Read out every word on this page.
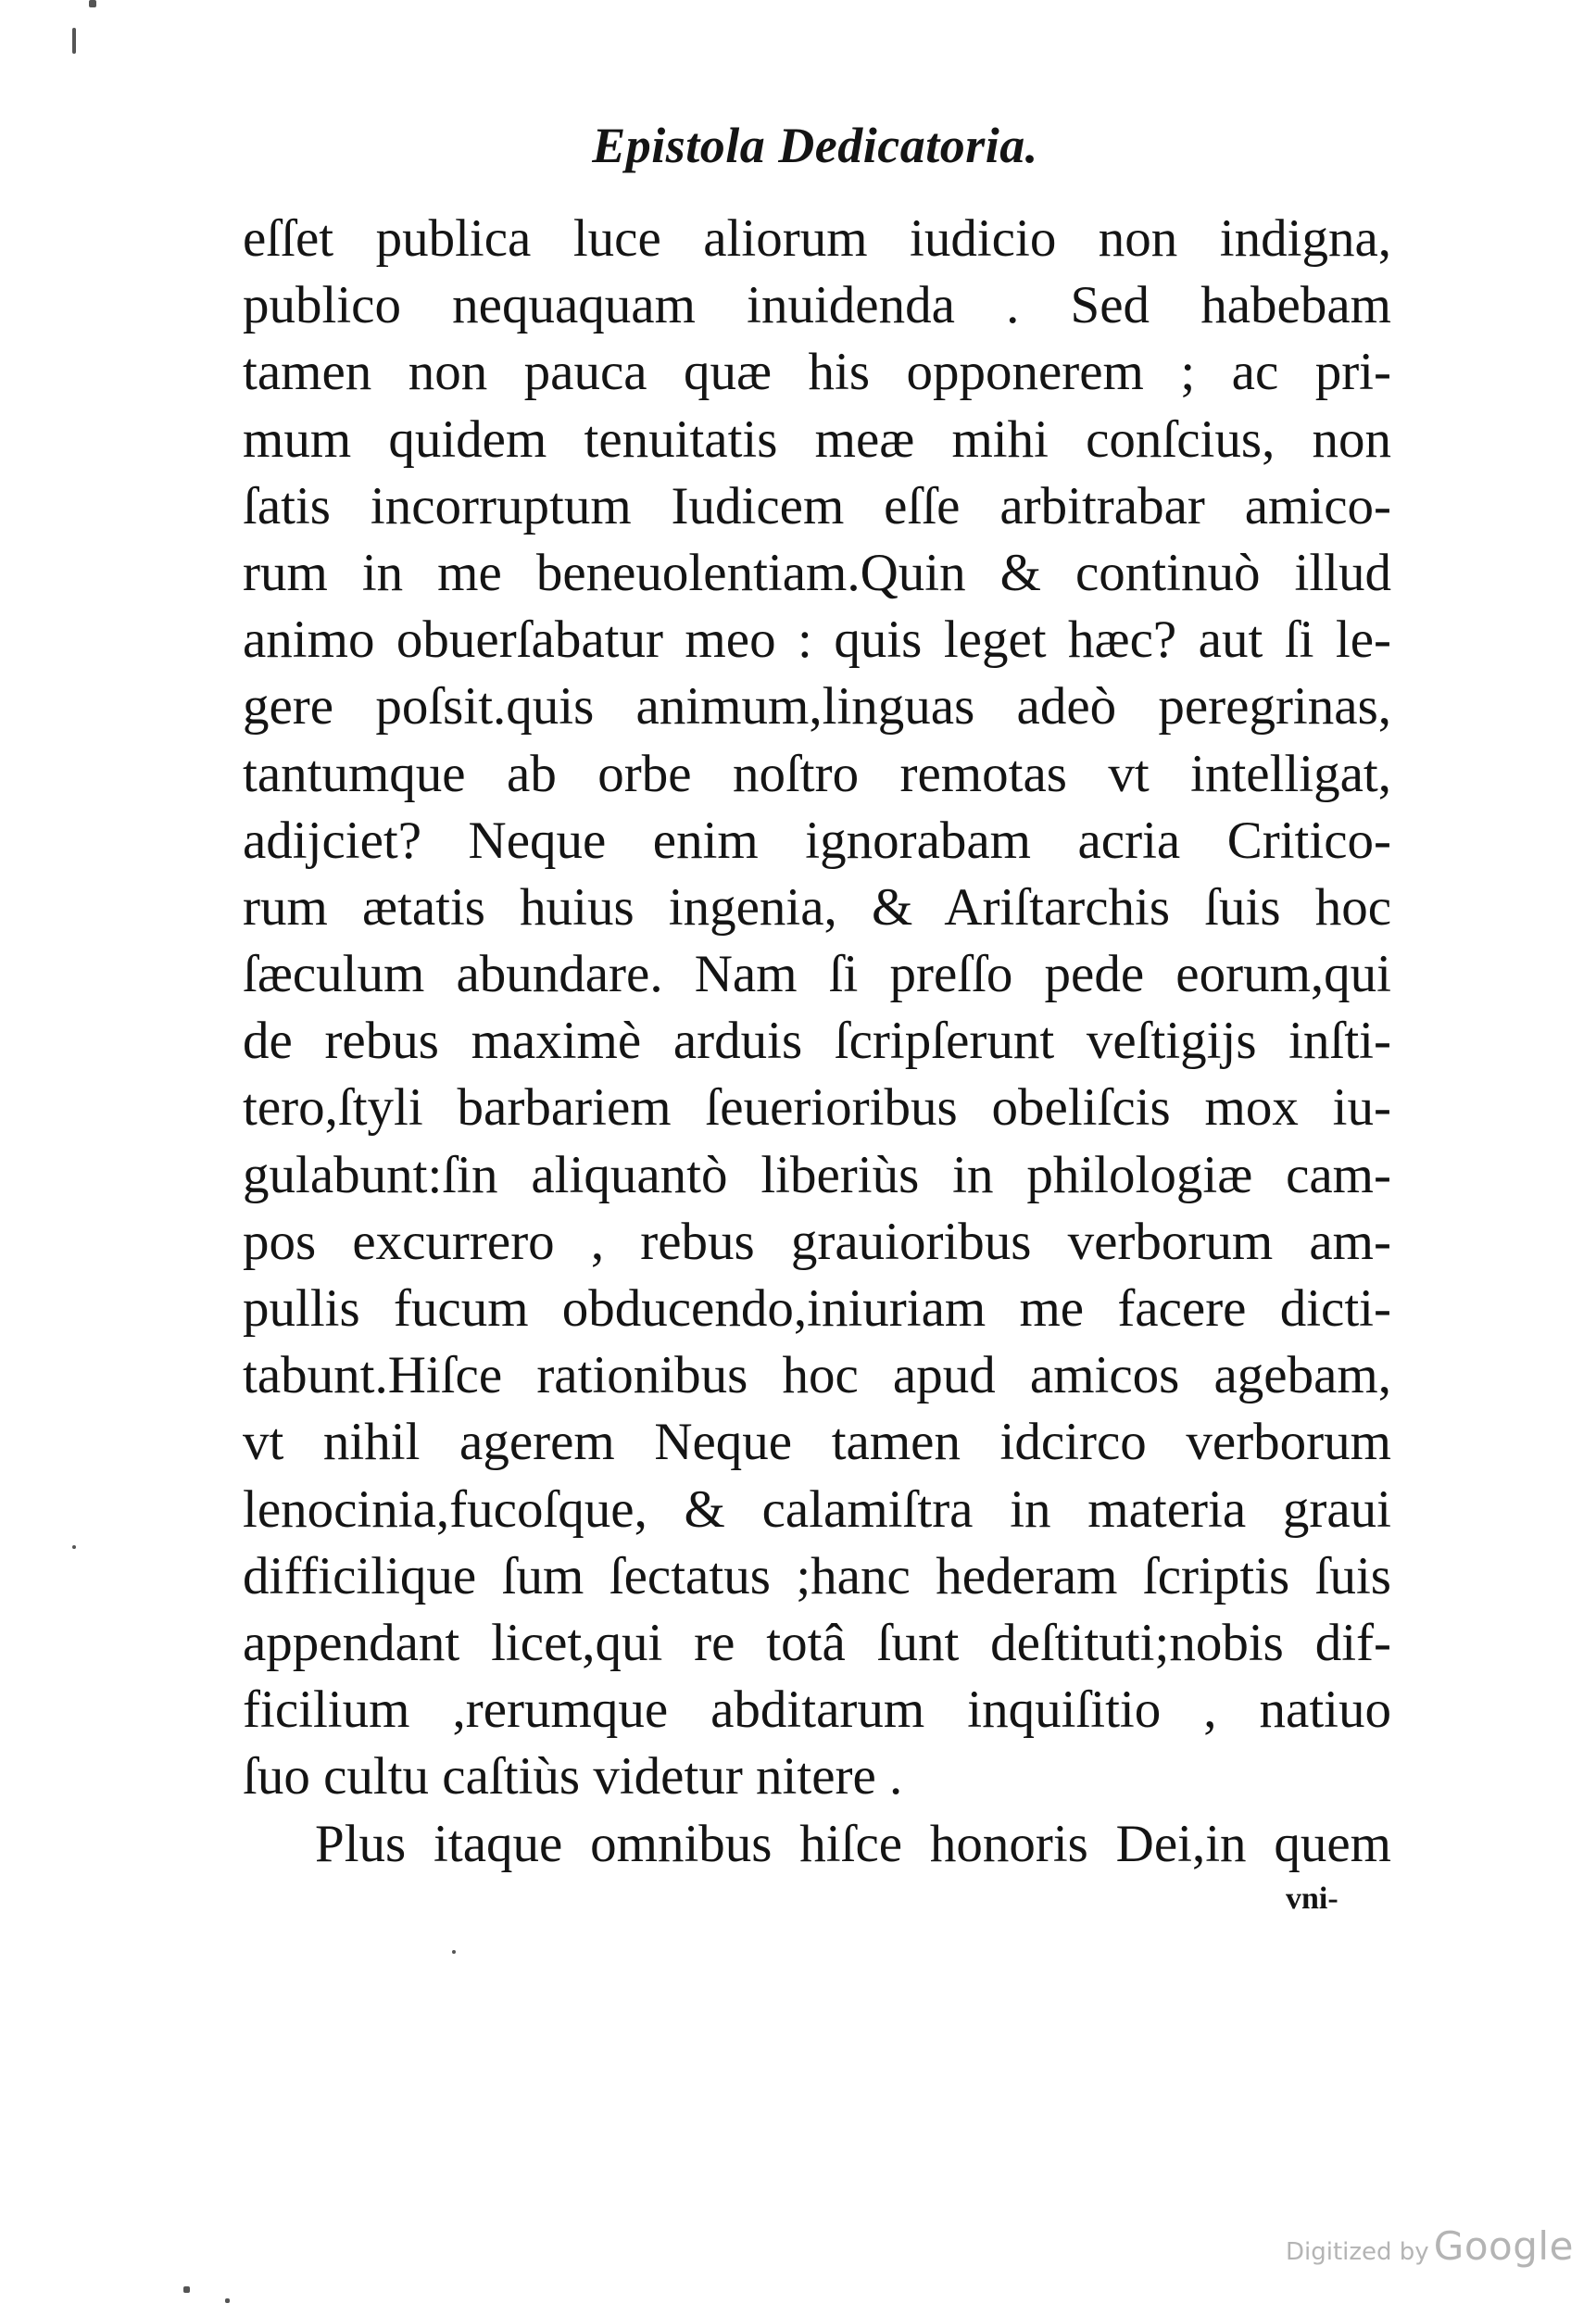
Epistola Dedicatoria.
eſſet publica luce aliorum iudicio non indigna,
publico nequaquam inuidenda . Sed habebam
tamen non pauca quæ his opponerem ; ac pri-
mum quidem tenuitatis meæ mihi conſcius, non
ſatis incorruptum Iudicem eſſe arbitrabar amico-
rum in me beneuolentiam.Quin & continuò illud
animo obuerſabatur meo : quis leget hæc? aut ſi le-
gere poſsit.quis animum,linguas adeò peregrinas,
tantumque ab orbe noſtro remotas vt intelligat,
adijciet? Neque enim ignorabam acria Critico-
rum ætatis huius ingenia, & Ariſtarchis ſuis hoc
ſæculum abundare. Nam ſi preſſo pede eorum,qui
de rebus maximè arduis ſcripſerunt veſtigijs inſti-
tero,ſtyli barbariem ſeuerioribus obeliſcis mox iu-
gulabunt:ſin aliquantò liberiùs in philologiæ cam-
pos excurrero , rebus grauioribus verborum am-
pullis fucum obducendo,iniuriam me facere dicti-
tabunt.Hiſce rationibus hoc apud amicos agebam,
vt nihil agerem Neque tamen idcirco verborum
lenocinia,fucoſque, & calamiſtra in materia graui
difficilique ſum ſectatus ;hanc hederam ſcriptis ſuis
appendant licet,qui re totâ ſunt deſtituti;nobis dif-
ficilium ,rerumque abditarum inquiſitio , natiuo
ſuo cultu caſtiùs videtur nitere .
Plus itaque omnibus hiſce honoris Dei,in quem
vni-
Digitized by Google
